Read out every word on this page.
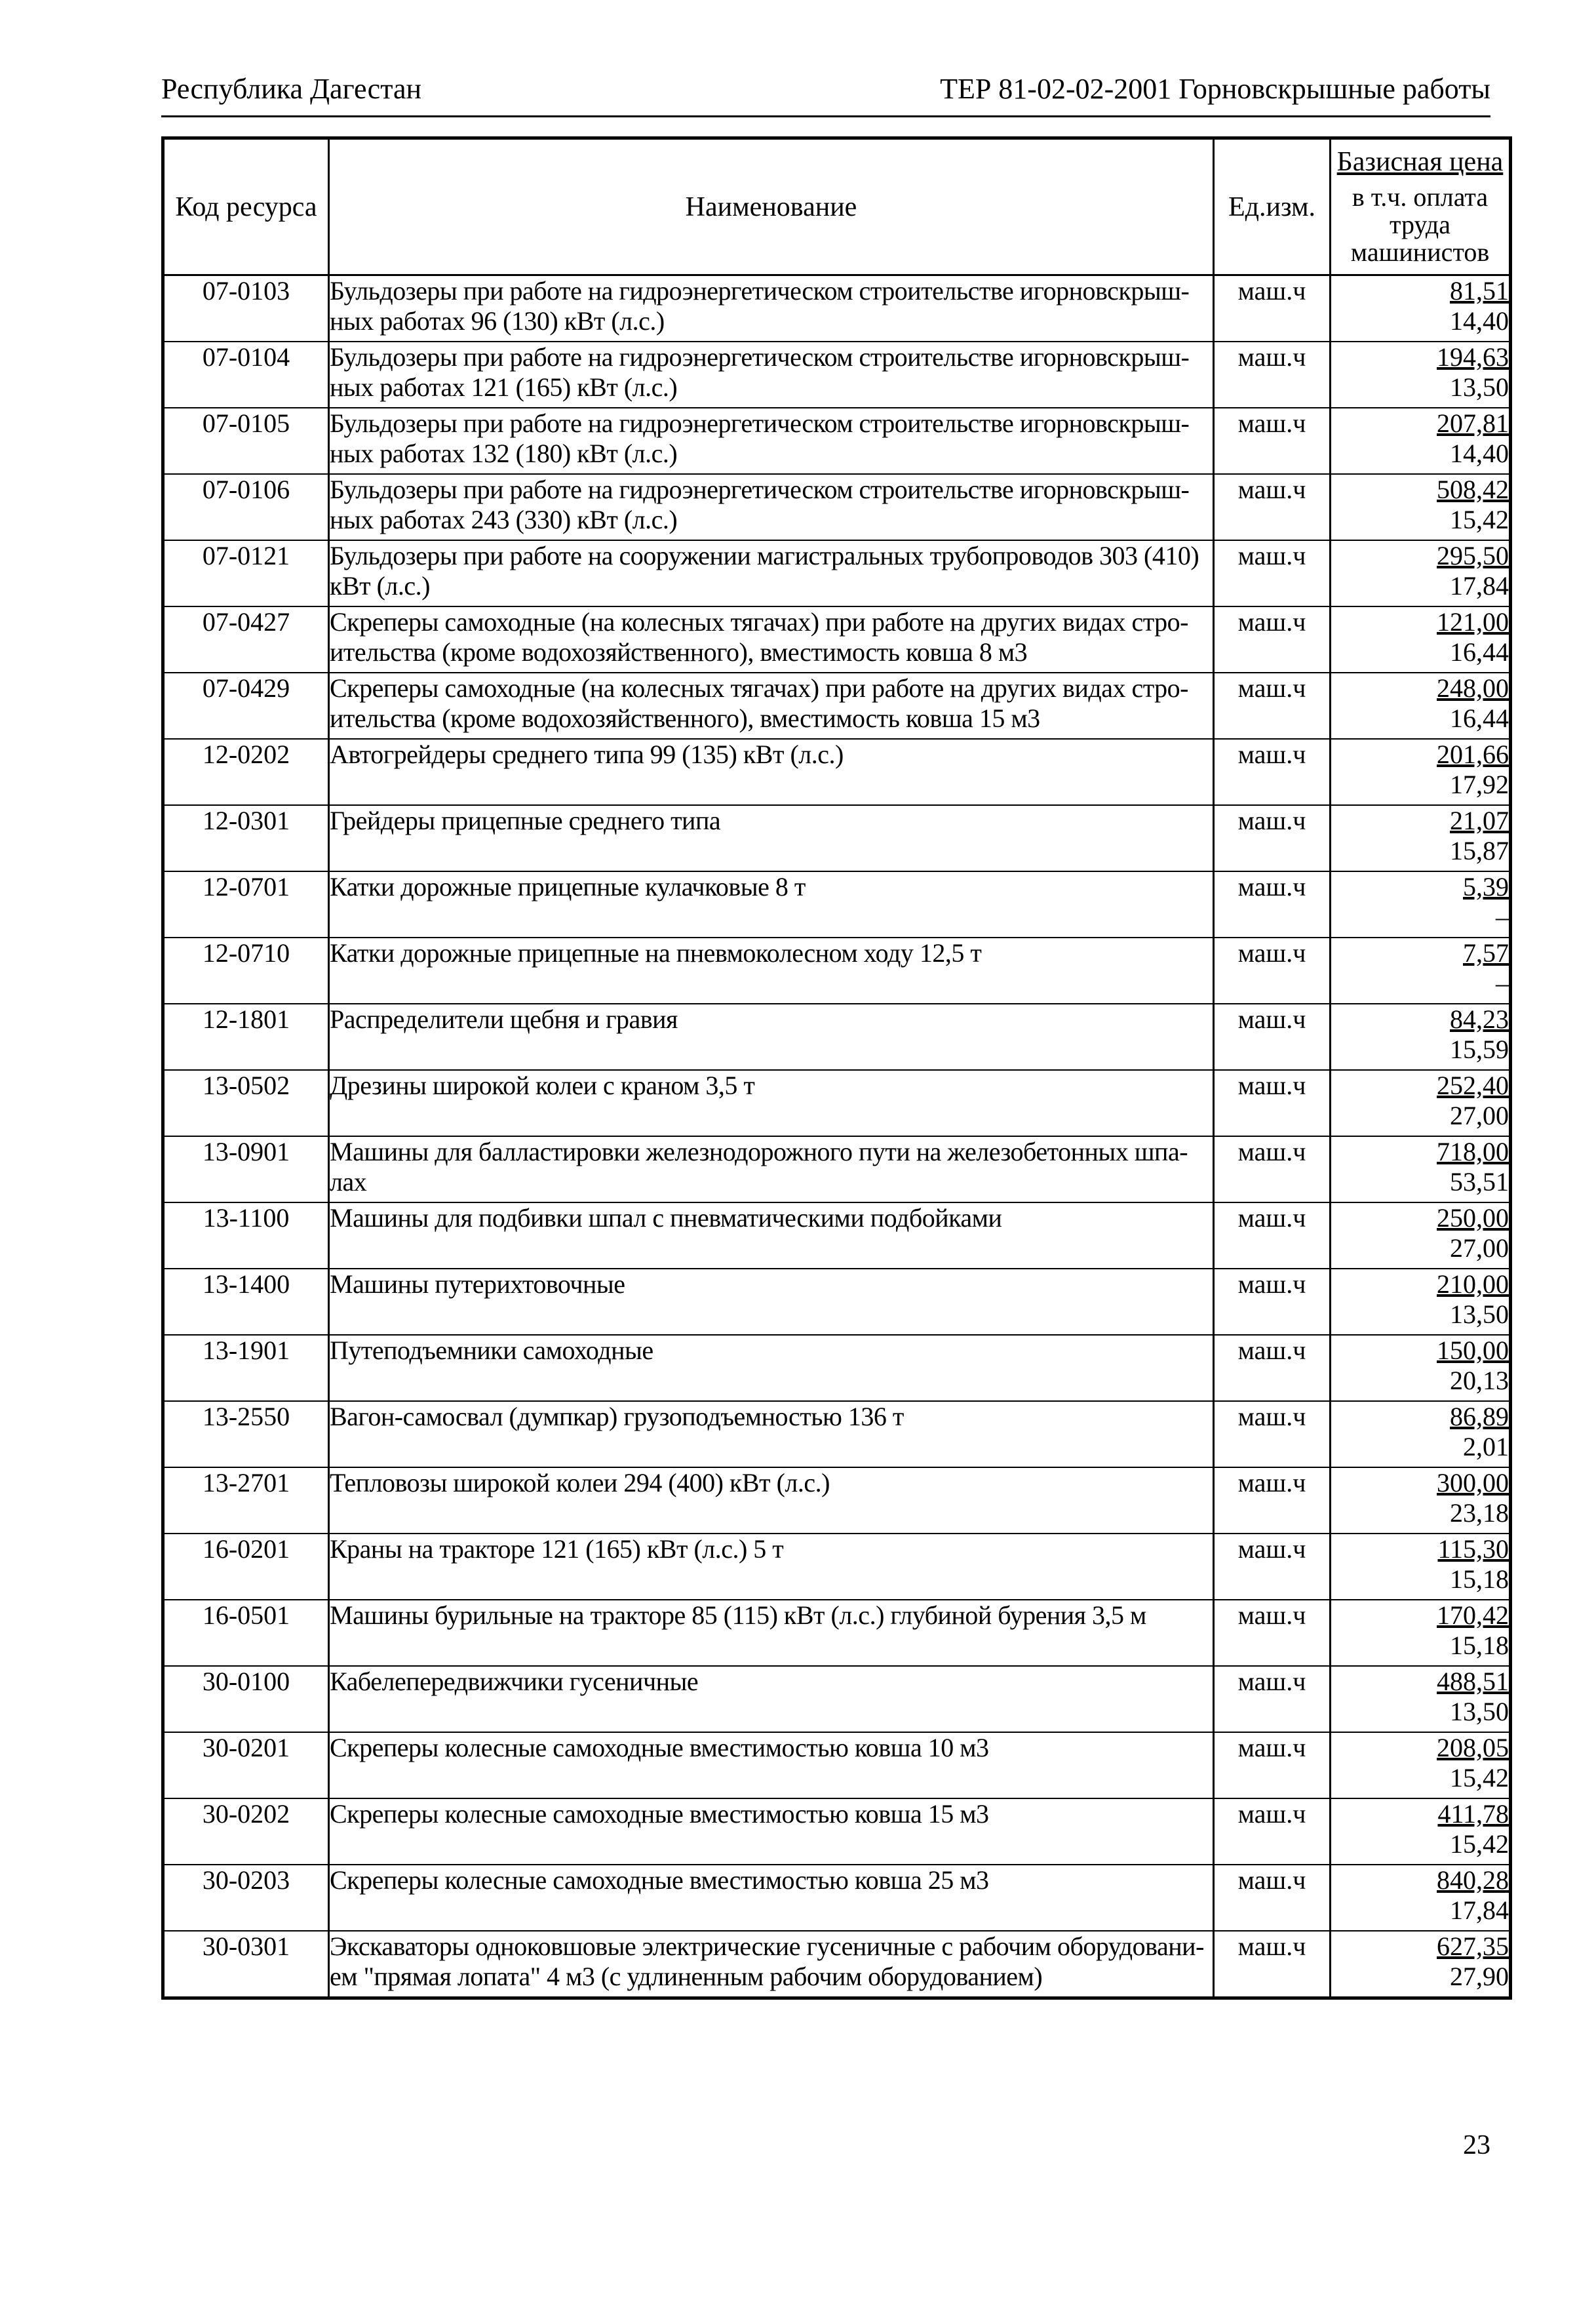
Республика Дагестан	ТЕР 81-02-02-2001 Горновскрышные работы
Код ресурса	Наименование	Ед.изм.	Базисная цена
в т.ч. оплата труда машинистов

07-0103	Бульдозеры при работе на гидроэнергетическом строительстве игорновскрыш-ных работах 96 (130) кВт (л.с.)	маш.ч	81,51
14,40

07-0104	Бульдозеры при работе на гидроэнергетическом строительстве игорновскрыш-ных работах 121 (165) кВт (л.с.)	маш.ч	194,63
13,50

07-0105	Бульдозеры при работе на гидроэнергетическом строительстве игорновскрыш-ных работах 132 (180) кВт (л.с.)	маш.ч	207,81
14,40

07-0106	Бульдозеры при работе на гидроэнергетическом строительстве игорновскрыш-ных работах 243 (330) кВт (л.с.)	маш.ч	508,42
15,42

07-0121	Бульдозеры при работе на сооружении магистральных трубопроводов 303 (410) кВт (л.с.)	маш.ч	295,50
17,84

07-0427	Скреперы самоходные (на колесных тягачах) при работе на других видах стро-ительства (кроме водохозяйственного), вместимость ковша 8 м3	маш.ч	121,00
16,44

07-0429	Скреперы самоходные (на колесных тягачах) при работе на других видах стро-ительства (кроме водохозяйственного), вместимость ковша 15 м3	маш.ч	248,00
16,44

12-0202	Автогрейдеры среднего типа 99 (135) кВт (л.с.)	маш.ч	201,66
17,92

12-0301	Грейдеры прицепные среднего типа	маш.ч	21,07
15,87

12-0701	Катки дорожные прицепные кулачковые 8 т	маш.ч	5,39
–

12-0710	Катки дорожные прицепные на пневмоколесном ходу 12,5 т	маш.ч	7,57
–

12-1801	Распределители щебня и гравия	маш.ч	84,23
15,59

13-0502	Дрезины широкой колеи с краном 3,5 т	маш.ч	252,40
27,00

13-0901	Машины для балластировки железнодорожного пути на железобетонных шпа-лах	маш.ч	718,00
53,51

13-1100	Машины для подбивки шпал с пневматическими подбойками	маш.ч	250,00
27,00

13-1400	Машины путерихтовочные	маш.ч	210,00
13,50

13-1901	Путеподъемники самоходные	маш.ч	150,00
20,13

13-2550	Вагон-самосвал (думпкар) грузоподъемностью 136 т	маш.ч	86,89
2,01

13-2701	Тепловозы широкой колеи 294 (400) кВт (л.с.)	маш.ч	300,00
23,18

16-0201	Краны на тракторе 121 (165) кВт (л.с.) 5 т	маш.ч	115,30
15,18

16-0501	Машины бурильные на тракторе 85 (115) кВт (л.с.) глубиной бурения 3,5 м	маш.ч	170,42
15,18

30-0100	Кабелепередвижчики гусеничные	маш.ч	488,51
13,50

30-0201	Скреперы колесные самоходные вместимостью ковша 10 м3	маш.ч	208,05
15,42

30-0202	Скреперы колесные самоходные вместимостью ковша 15 м3	маш.ч	411,78
15,42

30-0203	Скреперы колесные самоходные вместимостью ковша 25 м3	маш.ч	840,28
17,84

30-0301	Экскаваторы одноковшовые электрические гусеничные с рабочим оборудовани-ем "прямая лопата" 4 м3 (с удлиненным рабочим оборудованием)	маш.ч	627,35
27,90
23
